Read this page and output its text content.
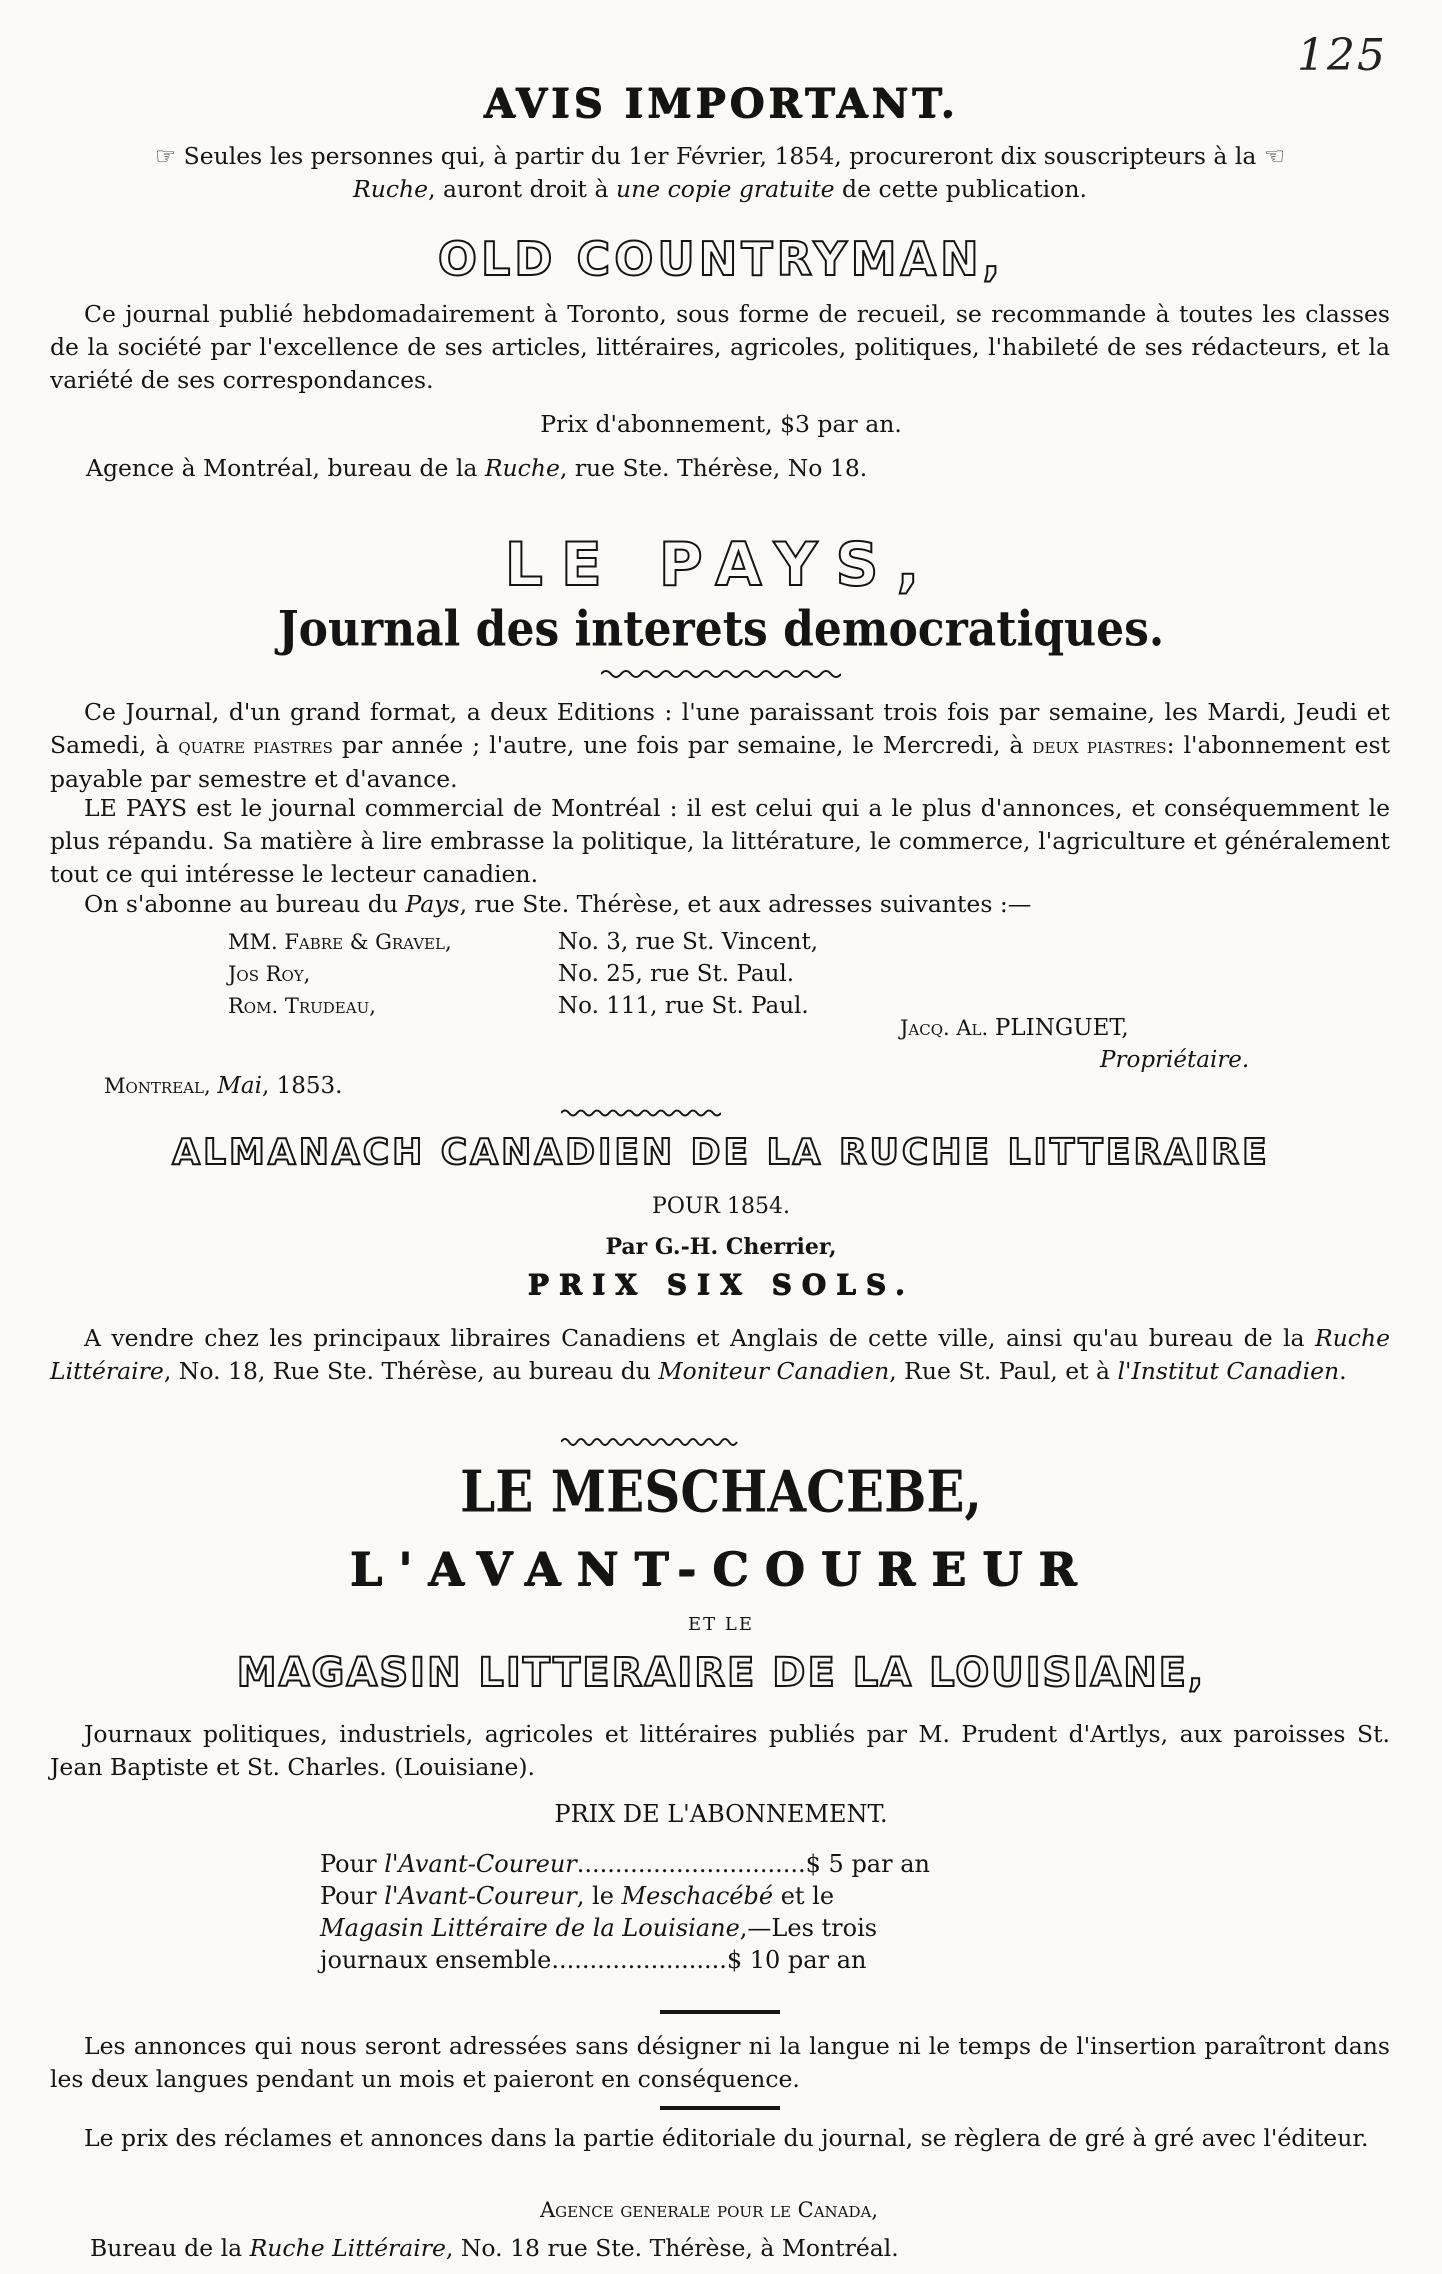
125
AVIS IMPORTANT.
☞ Seules les personnes qui, à partir du 1er Février, 1854, procureront dix souscripteurs à la ☜
Ruche, auront droit à une copie gratuite de cette publication.
OLD COUNTRYMAN,

Ce journal publié hebdomadairement à Toronto, sous forme de recueil, se recommande à toutes les classes de la société par l'excellence de ses articles, littéraires, agricoles, politiques, l'habileté de ses rédacteurs, et la variété de ses correspondances.

Prix d'abonnement, $3 par an.
Agence à Montréal, bureau de la Ruche, rue Ste. Thérèse, No 18.
LE PAYS,
Journal des interets democratiques.

Ce Journal, d'un grand format, a deux Editions : l'une paraissant trois fois par semaine, les Mardi, Jeudi et Samedi, à quatre piastres par année ; l'autre, une fois par semaine, le Mercredi, à deux piastres: l'abonnement est payable par semestre et d'avance.

LE PAYS est le journal commercial de Montréal : il est celui qui a le plus d'annonces, et conséquemment le plus répandu. Sa matière à lire embrasse la politique, la littérature, le commerce, l'agriculture et généralement tout ce qui intéresse le lecteur canadien.

On s'abonne au bureau du Pays, rue Ste. Thérèse, et aux adresses suivantes :—

MM. Fabre & Gravel,	No. 3, rue St. Vincent,
Jos Roy,	No. 25, rue St. Paul.
Rom. Trudeau,	No. 111, rue St. Paul.
Jacq. Al. PLINGUET,
Propriétaire.
Montreal, Mai, 1853.
ALMANACH CANADIEN DE LA RUCHE LITTERAIRE
POUR 1854.
Par G.-H. Cherrier,
PRIX SIX SOLS.

A vendre chez les principaux libraires Canadiens et Anglais de cette ville, ainsi qu'au bureau de la Ruche Littéraire, No. 18, Rue Ste. Thérèse, au bureau du Moniteur Canadien, Rue St. Paul, et à l'Institut Canadien.

LE MESCHACEBE,
L'AVANT-COUREUR
ET LE
MAGASIN LITTERAIRE DE LA LOUISIANE,

Journaux politiques, industriels, agricoles et littéraires publiés par M. Prudent d'Artlys, aux paroisses St. Jean Baptiste et St. Charles. (Louisiane).

PRIX DE L'ABONNEMENT.
Pour l'Avant-Coureur..............................$ 5 par an
Pour l'Avant-Coureur, le Meschacébé et le Magasin Littéraire de la Louisiane,—Les trois journaux ensemble.......................$ 10 par an

Les annonces qui nous seront adressées sans désigner ni la langue ni le temps de l'insertion paraîtront dans les deux langues pendant un mois et paieront en conséquence.

Le prix des réclames et annonces dans la partie éditoriale du journal, se règlera de gré à gré avec l'éditeur.

Agence generale pour le Canada,
Bureau de la Ruche Littéraire, No. 18 rue Ste. Thérèse, à Montréal.
